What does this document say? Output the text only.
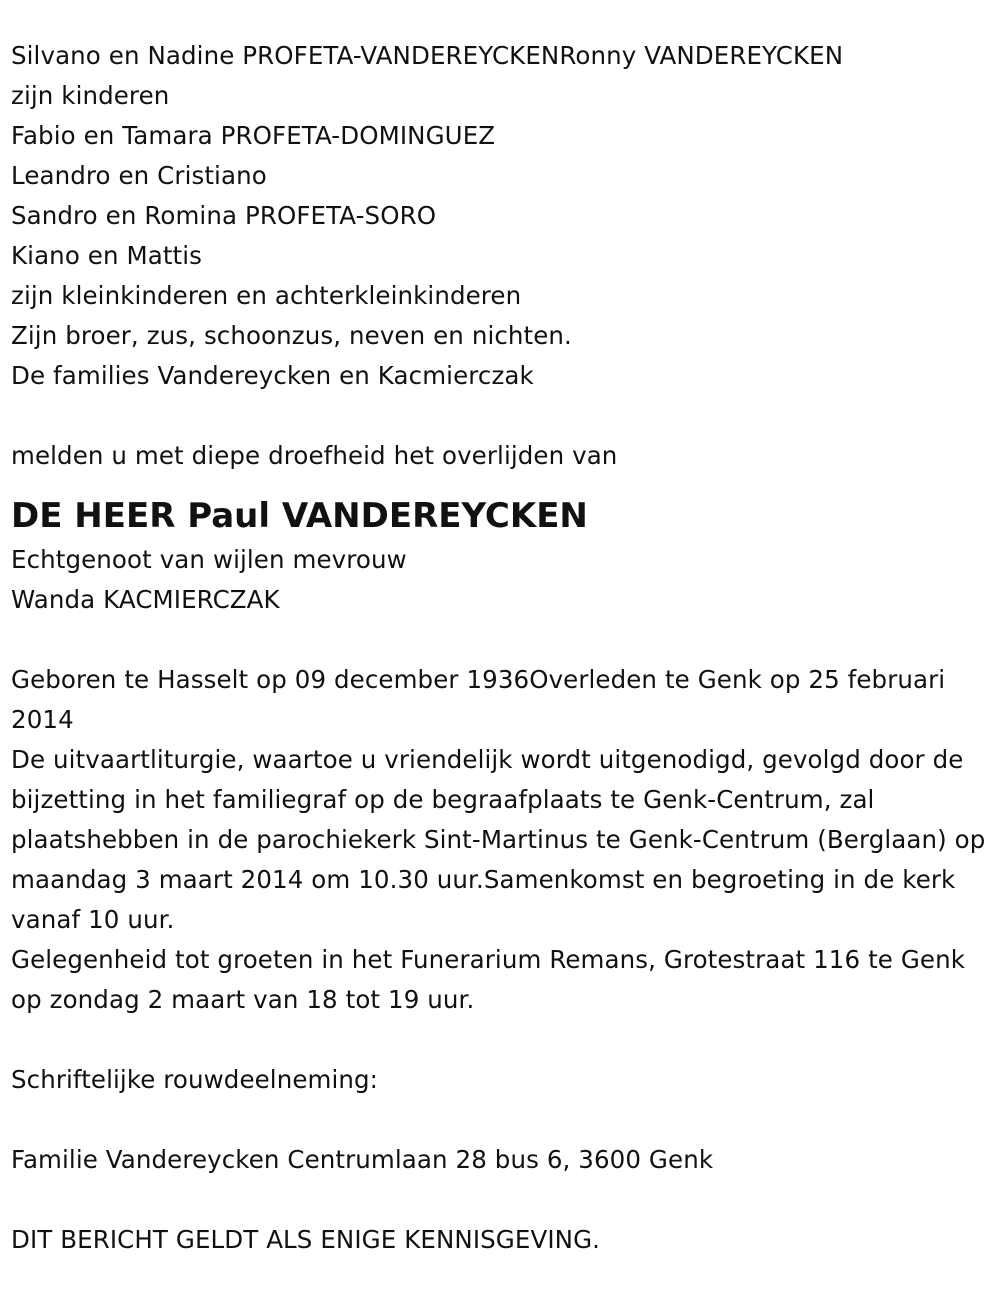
Silvano en Nadine PROFETA-VANDEREYCKENRonny VANDEREYCKEN
zijn kinderen
Fabio en Tamara PROFETA-DOMINGUEZ
Leandro en Cristiano
Sandro en Romina PROFETA-SORO
Kiano en Mattis
zijn kleinkinderen en achterkleinkinderen
Zijn broer, zus, schoonzus, neven en nichten.
De families Vandereycken en Kacmierczak
melden u met diepe droefheid het overlijden van
DE HEER Paul VANDEREYCKEN
Echtgenoot van wijlen mevrouw
Wanda KACMIERCZAK
Geboren te Hasselt op 09 december 1936Overleden te Genk op 25 februari 2014
De uitvaartliturgie, waartoe u vriendelijk wordt uitgenodigd, gevolgd door de bijzetting in het familiegraf op de begraafplaats te Genk-Centrum, zal plaatshebben in de parochiekerk Sint-Martinus te Genk-Centrum (Berglaan) op maandag 3 maart 2014 om 10.30 uur.Samenkomst en begroeting in de kerk vanaf 10 uur.
Gelegenheid tot groeten in het Funerarium Remans, Grotestraat 116 te Genk op zondag 2 maart van 18 tot 19 uur.
Schriftelijke rouwdeelneming:
Familie Vandereycken Centrumlaan 28 bus 6, 3600 Genk
DIT BERICHT GELDT ALS ENIGE KENNISGEVING.
